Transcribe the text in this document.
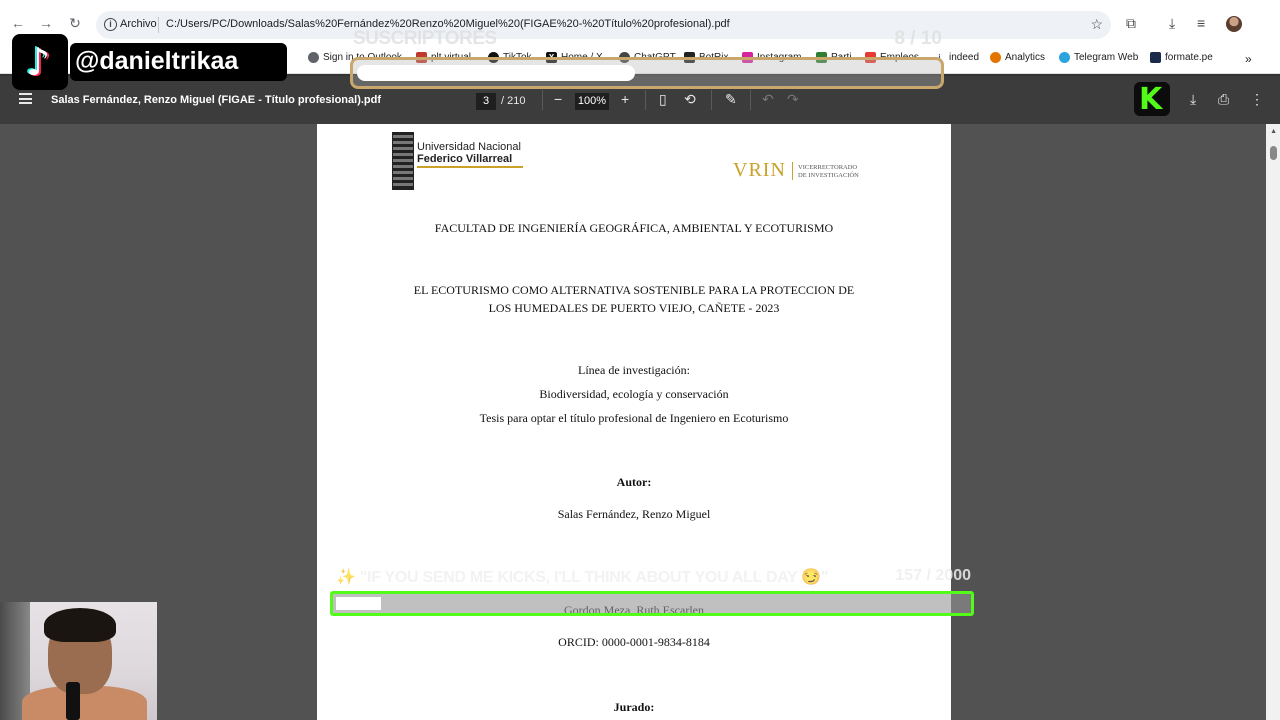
← → ↻	i Archivo C:/Users/PC/Downloads/Salas%20Fernández%20Renzo%20Miguel%20(FIGAE%20-%20Título%20profesional).pdf	☆ ⧉ ⤓ ≡
Sign in to Outlook	plt virtual	TikTok	X Home / X	ChatGPT BotRix	Instagram	Parti	Empleos	i indeed	Analytics	Telegram Web	formate.pe	»
Salas Fernández, Renzo Miguel (FIGAE - Título profesional).pdf	3	/ 210 − 100% + ▯ ⟲ ✎ ↶ ↷	⤓ ⎙ ⋮
Universidad Nacional
Federico Villarreal	VRIN VICERRECTORADO
DE INVESTIGACIÓN
FACULTAD DE INGENIERÍA GEOGRÁFICA, AMBIENTAL Y ECOTURISMO
EL ECOTURISMO COMO ALTERNATIVA SOSTENIBLE PARA LA PROTECCION DE
LOS HUMEDALES DE PUERTO VIEJO, CAÑETE - 2023
Línea de investigación:
Biodiversidad, ecología y conservación
Tesis para optar el título profesional de Ingeniero en Ecoturismo
Autor:
Salas Fernández, Renzo Miguel
ORCID: 0000-0001-9834-8184
Jurado:
▲
♪ @danieltrikaa
SUSCRIPTORES	8 / 10
K
✨ "IF YOU SEND ME KICKS, I'LL THINK ABOUT YOU ALL DAY 😏"	157 / 2000
